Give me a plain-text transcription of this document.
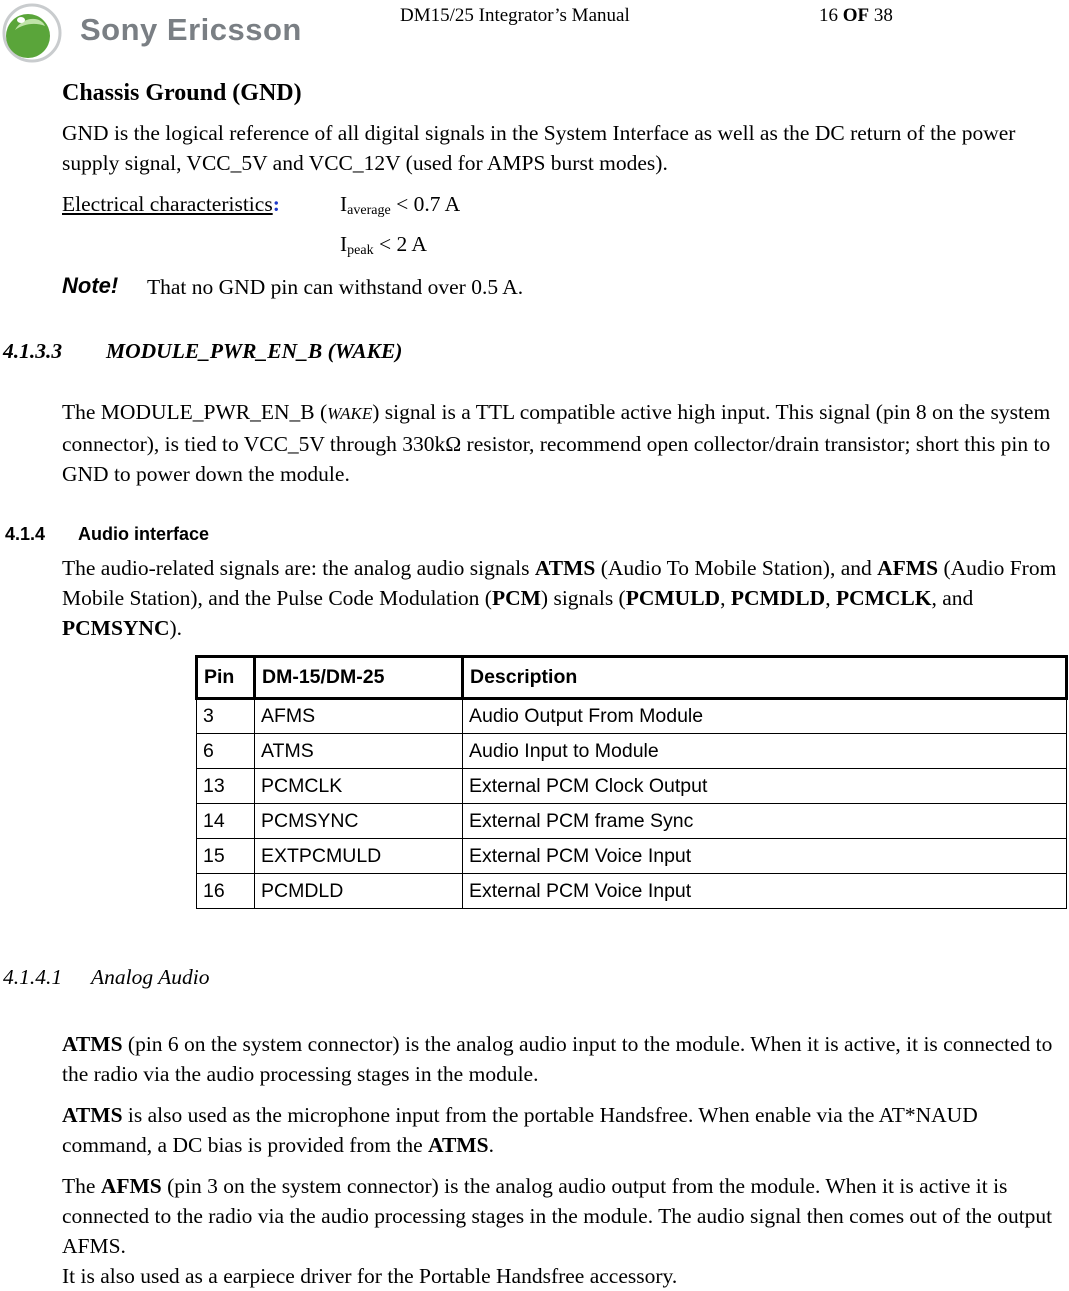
Sony Ericsson	DM15/25 Integrator’s Manual	16 OF 38
Chassis Ground (GND)

GND is the logical reference of all digital signals in the System Interface as well as the DC return of the power supply signal, VCC_5V and VCC_12V (used for AMPS burst modes).

Electrical characteristics:	$I_{average} < 0.7$ A
$I_{peak} < 2$ A
Note! That no GND pin can withstand over 0.5 A.
4.1.3.3 MODULE_PWR_EN_B (WAKE)

The MODULE_PWR_EN_B (WAKE) signal is a TTL compatible active high input. This signal (pin 8 on the system connector), is tied to VCC_5V through 330kΩ resistor, recommend open collector/drain transistor; short this pin to GND to power down the module.

4.1.4 Audio interface

The audio-related signals are: the analog audio signals ATMS (Audio To Mobile Station), and AFMS (Audio From Mobile Station), and the Pulse Code Modulation (PCM) signals (PCMULD, PCMDLD, PCMCLK, and PCMSYNC).

Pin	DM-15/DM-25	Description
3	AFMS	Audio Output From Module
6	ATMS	Audio Input to Module
13	PCMCLK	External PCM Clock Output
14	PCMSYNC	External PCM frame Sync
15	EXTPCMULD	External PCM Voice Input
16	PCMDLD	External PCM Voice Input
4.1.4.1 Analog Audio

ATMS (pin 6 on the system connector) is the analog audio input to the module. When it is active, it is connected to the radio via the audio processing stages in the module.

ATMS is also used as the microphone input from the portable Handsfree. When enable via the AT*NAUD command, a DC bias is provided from the ATMS.

The AFMS (pin 3 on the system connector) is the analog audio output from the module. When it is active it is connected to the radio via the audio processing stages in the module. The audio signal then comes out of the output AFMS.
It is also used as a earpiece driver for the Portable Handsfree accessory.
